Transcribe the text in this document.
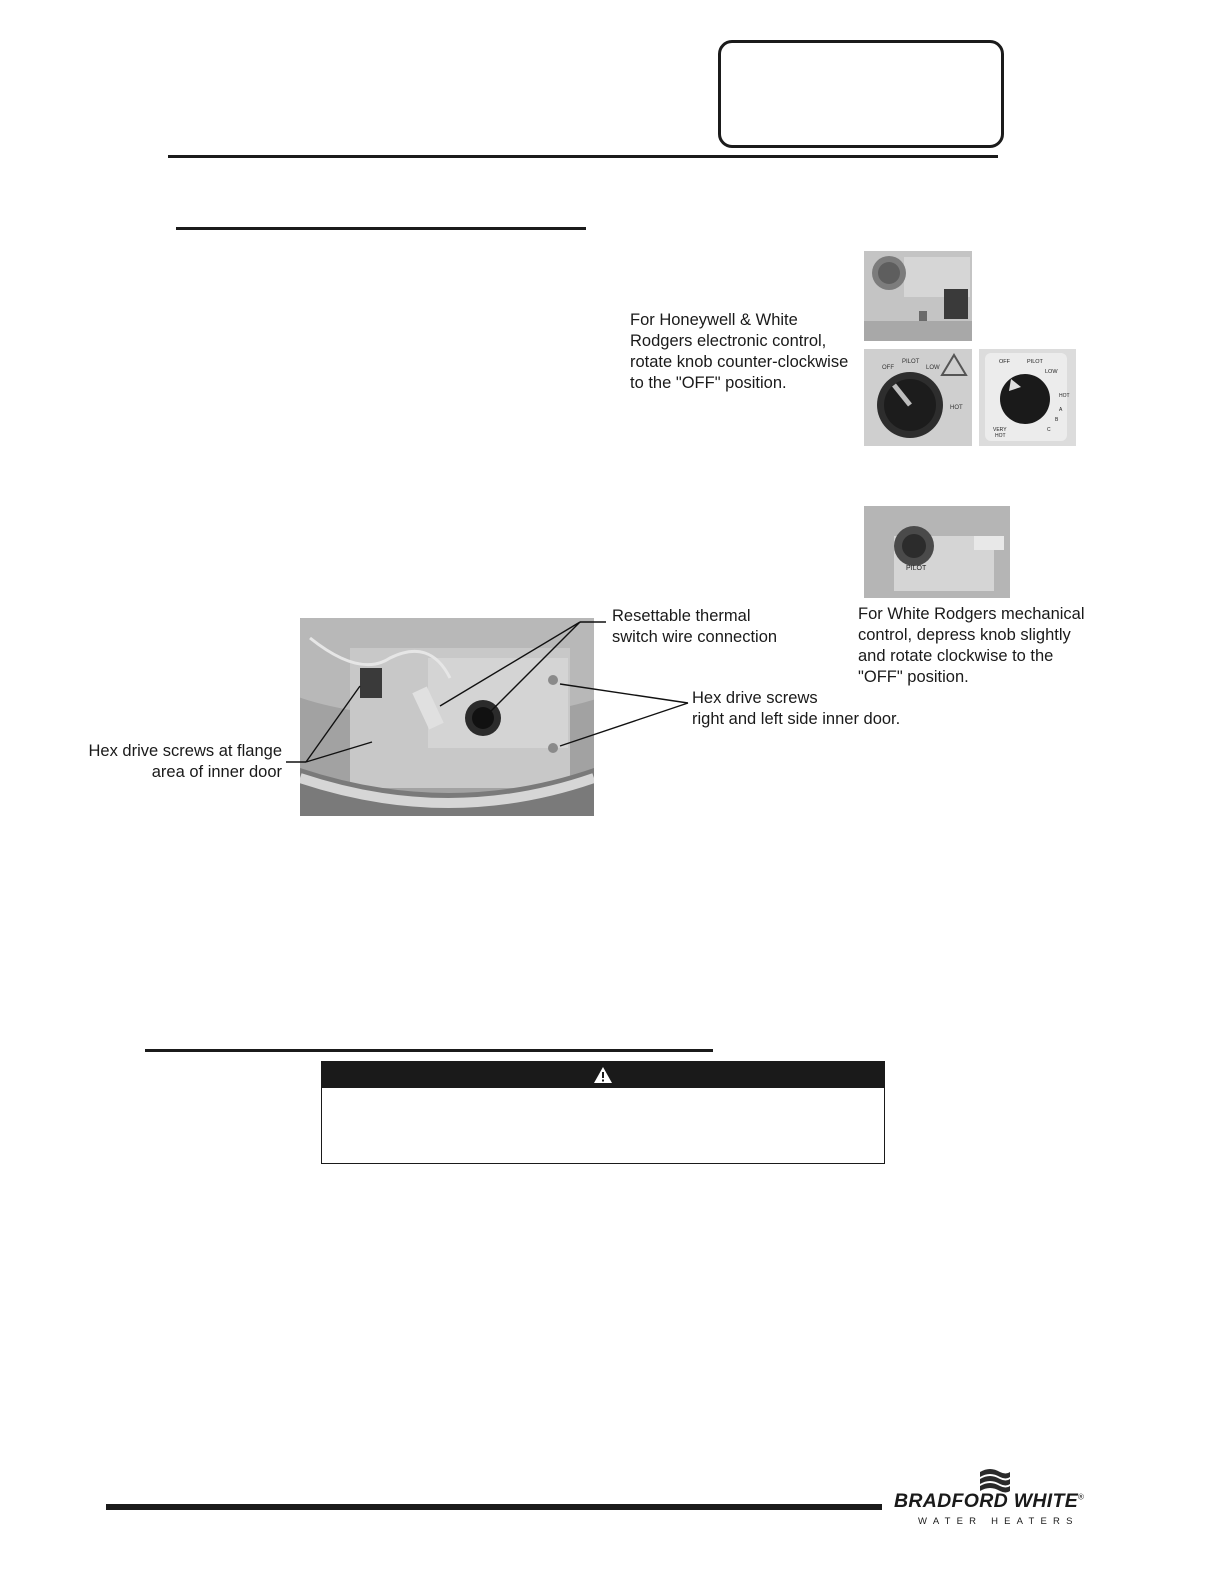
For Honeywell & White
Rodgers electronic control,
rotate knob counter-clockwise
to the "OFF" position.
OFF
PILOT
LOW
HOT
OFF	PILOT
LOW
HOT
A
B
C
VERY
HOT
PILOT
For White Rodgers mechanical
control, depress knob slightly
and rotate clockwise to the
"OFF" position.
Resettable thermal
switch wire connection
Hex drive screws
right and left side inner door.
Hex drive screws at flange
area of inner door
BRADFORD WHITE®
WATER HEATERS
